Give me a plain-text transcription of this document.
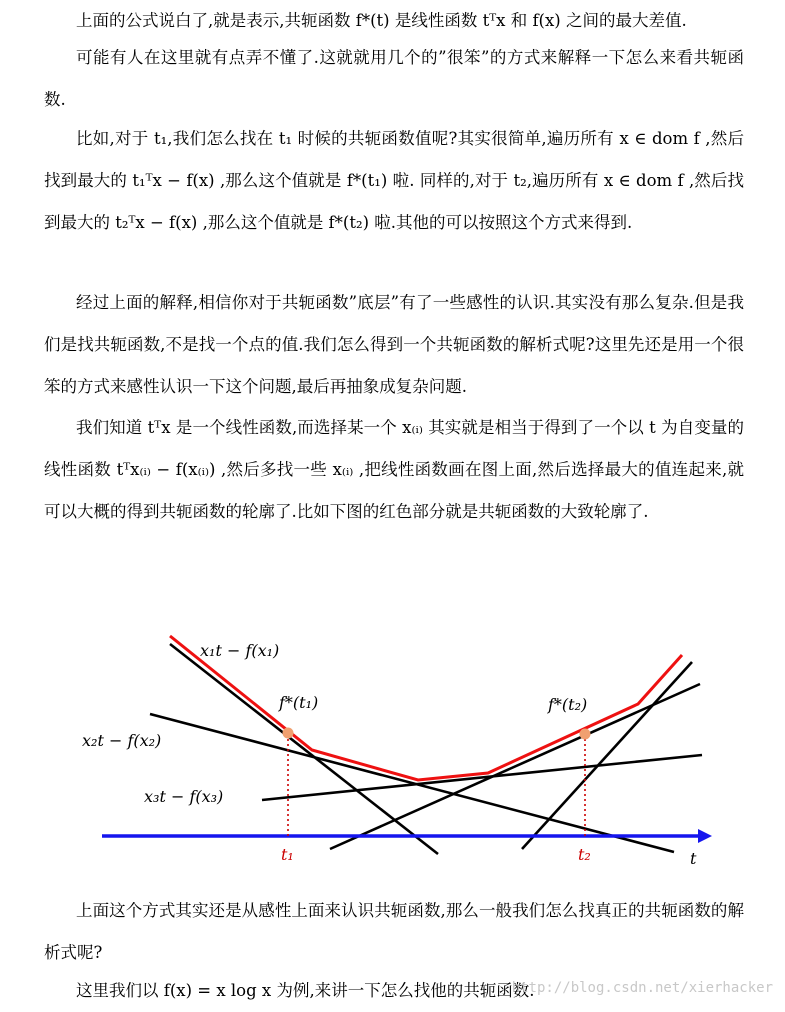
上面的公式说白了,就是表示,共轭函数 f*(t) 是线性函数 tᵀx 和 f(x) 之间的最大差值.

可能有人在这里就有点弄不懂了.这就就用几个的”很笨”的方式来解释一下怎么来看共轭函数.

比如,对于 t₁,我们怎么找在 t₁ 时候的共轭函数值呢?其实很简单,遍历所有 x ∈ dom f ,然后找到最大的 t₁ᵀx − f(x) ,那么这个值就是 f*(t₁) 啦. 同样的,对于 t₂,遍历所有 x ∈ dom f ,然后找到最大的 t₂ᵀx − f(x) ,那么这个值就是 f*(t₂) 啦.其他的可以按照这个方式来得到.

经过上面的解释,相信你对于共轭函数”底层”有了一些感性的认识.其实没有那么复杂.但是我们是找共轭函数,不是找一个点的值.我们怎么得到一个共轭函数的解析式呢?这里先还是用一个很笨的方式来感性认识一下这个问题,最后再抽象成复杂问题.

我们知道 tᵀx 是一个线性函数,而选择某一个 x₍ᵢ₎ 其实就是相当于得到了一个以 t 为自变量的线性函数 tᵀx₍ᵢ₎ − f(x₍ᵢ₎) ,然后多找一些 x₍ᵢ₎ ,把线性函数画在图上面,然后选择最大的值连起来,就可以大概的得到共轭函数的轮廓了.比如下图的红色部分就是共轭函数的大致轮廓了.

x₁t − f(x₁)
x₂t − f(x₂)
x₃t − f(x₃)
f*(t₁)	f*(t₂)
t₁	t₂	t

上面这个方式其实还是从感性上面来认识共轭函数,那么一般我们怎么找真正的共轭函数的解析式呢?

这里我们以 f(x) = x log x 为例,来讲一下怎么找他的共轭函数.

http://blog.csdn.net/xierhacker
